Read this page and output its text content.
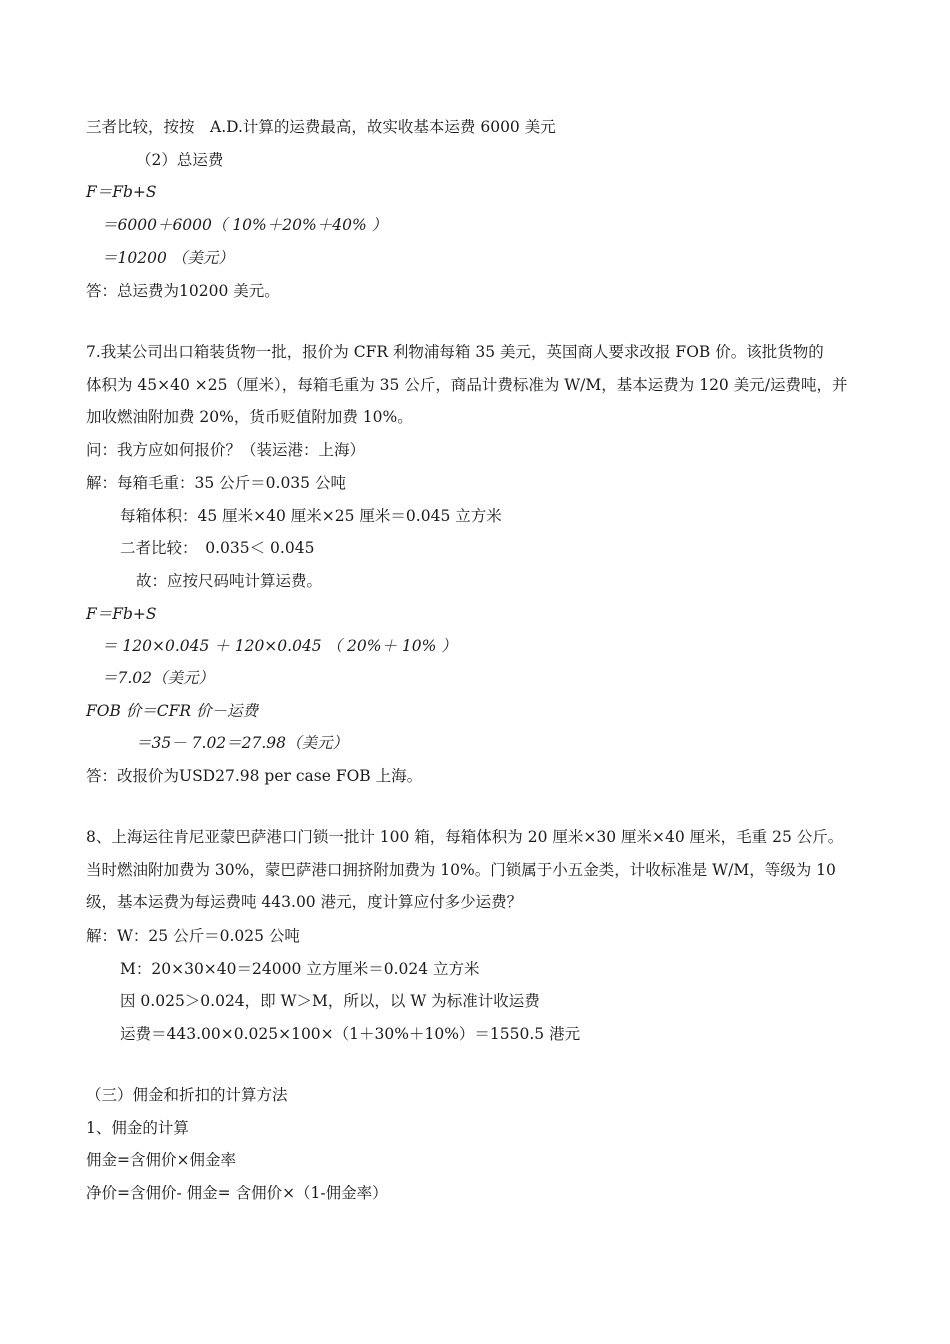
三者比较，按按　A.D.计算的运费最高，故实收基本运费 6000 美元
（2）总运费
F＝Fb+S
＝6000＋6000（ 10%＋20%＋40% ）
＝10200 （美元）
答：总运费为10200 美元。
7.我某公司出口箱装货物一批，报价为 CFR 利物浦每箱 35 美元，英国商人要求改报 FOB 价。该批货物的
体积为 45×40 ×25（厘米），每箱毛重为 35 公斤，商品计费标准为 W/M，基本运费为 120 美元/运费吨，并
加收燃油附加费 20%，货币贬值附加费 10%。
问：我方应如何报价？（装运港：上海）
解：每箱毛重：35 公斤＝0.035 公吨
每箱体积：45 厘米×40 厘米×25 厘米＝0.045 立方米
二者比较：　0.035＜ 0.045
故：应按尺码吨计算运费。
F＝Fb+S
＝ 120×0.045 ＋ 120×0.045 （ 20%＋ 10% ）
＝7.02（美元）
FOB 价＝CFR 价－运费
＝35－ 7.02＝27.98（美元）
答：改报价为USD27.98 per case FOB 上海。
8、上海运往肯尼亚蒙巴萨港口门锁一批计 100 箱，每箱体积为 20 厘米×30 厘米×40 厘米，毛重 25 公斤。
当时燃油附加费为 30%，蒙巴萨港口拥挤附加费为 10%。门锁属于小五金类，计收标准是 W/M，等级为 10
级，基本运费为每运费吨 443.00 港元，度计算应付多少运费？
解：W：25 公斤＝0.025 公吨
M：20×30×40＝24000 立方厘米＝0.024 立方米
因 0.025＞0.024，即 W＞M，所以，以 W 为标准计收运费
运费＝443.00×0.025×100×（1＋30%＋10%）＝1550.5 港元
（三）佣金和折扣的计算方法
1、佣金的计算
佣金=含佣价×佣金率
净价=含佣价- 佣金= 含佣价×（1-佣金率）
